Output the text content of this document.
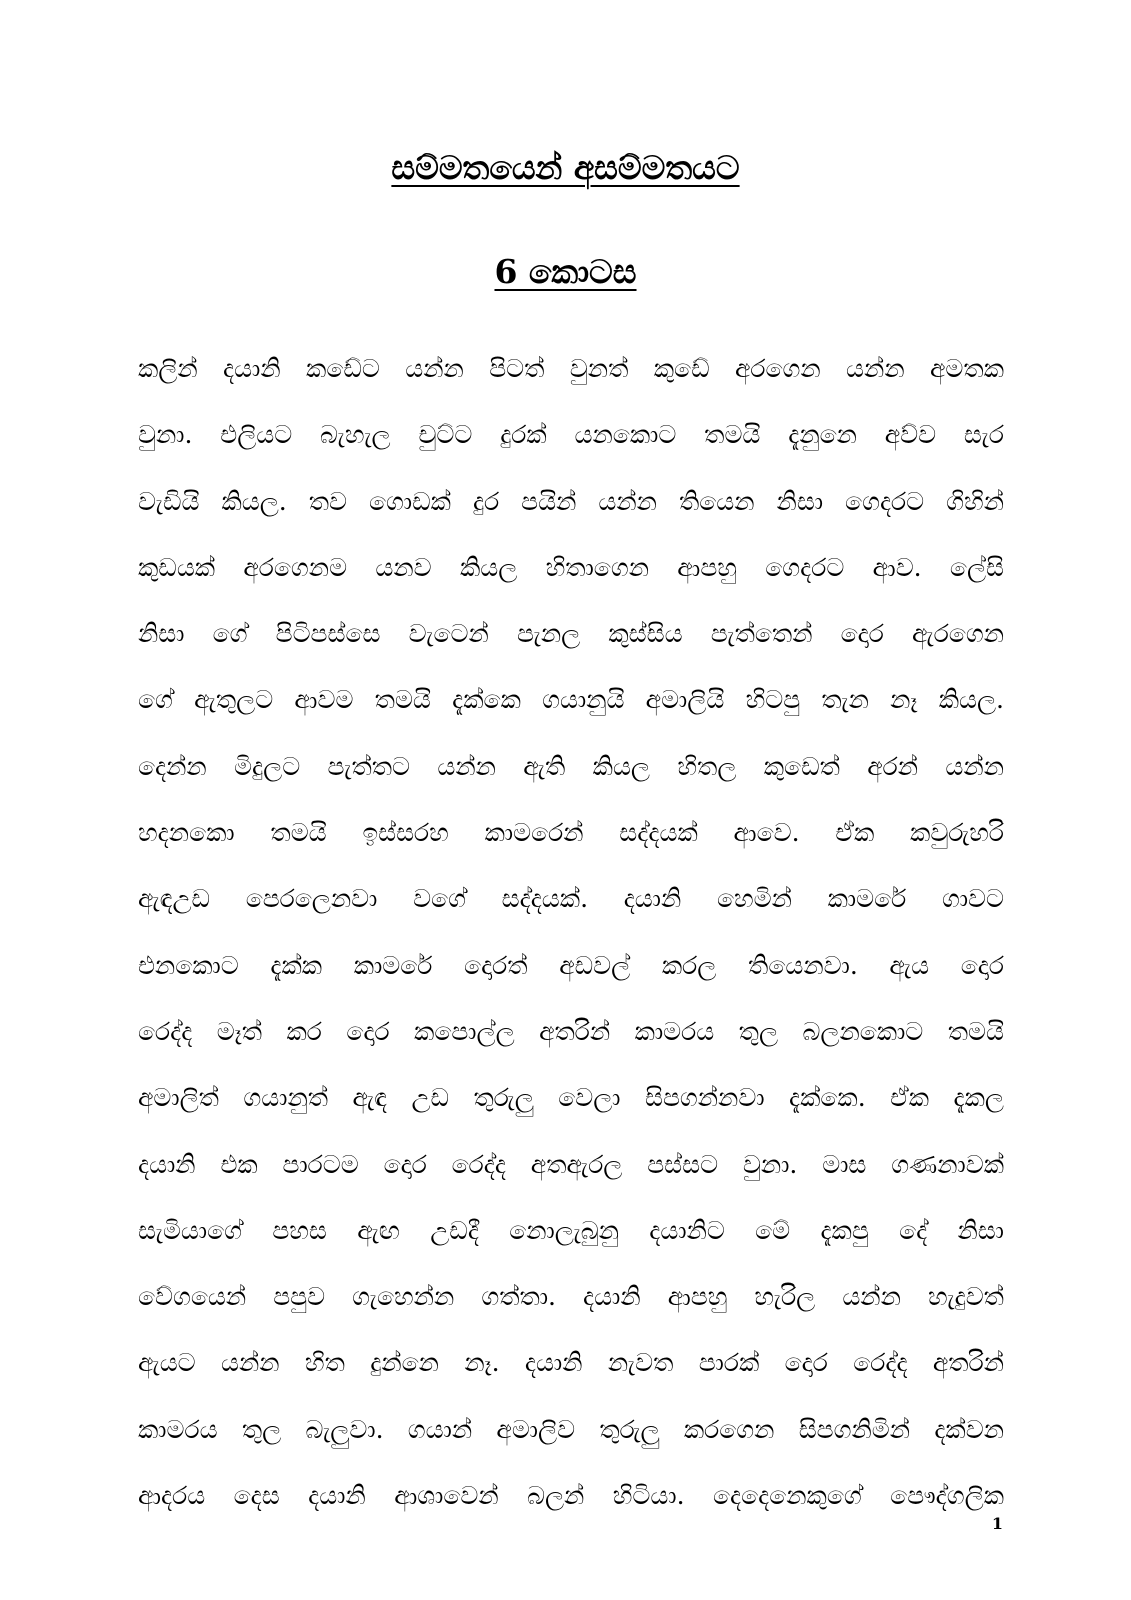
සම්මතයෙන් අසම්මතයට
6 කොටස
කලින් දයානි කඩේට යන්න පිටත් වුනත් කුඩේ අරගෙන යන්න අමතක
වුනා. එලියට බැහැල චුට්ට දුරක් යනකොට තමයි දැනුනෙ අව්ව සැර
වැඩියි කියල. තව ගොඩක් දුර පයින් යන්න තියෙන නිසා ගෙදරට ගිහින්
කුඩයක් අරගෙනම යනව කියල හිතාගෙන ආපහු ගෙදරට ආව. ලේසි
නිසා ගේ පිටිපස්සෙ වැටෙන් පැනල කුස්සිය පැත්තෙන් දොර ඇරගෙන
ගේ ඇතුලට ආවම තමයි දැක්කෙ ගයානුයි අමාලියි හිටපු තැන නෑ කියල.
දෙන්න මිදුලට පැත්තට යන්න ඇති කියල හිතල කුඩෙත් අරන් යන්න
හදනකො තමයි ඉස්සරහ කාමරෙන් සද්දයක් ආවෙ. ඒක කවුරුහරි
ඇඳඋඩ පෙරලෙනවා වගේ සද්දයක්. දයානි හෙමින් කාමරේ ගාවට
එනකොට දැක්ක කාමරේ දොරත් අඩවල් කරල තියෙනවා. ඇය දොර
රෙද්ද මෑත් කර දොර කපොල්ල අතරින් කාමරය තුල බලනකොට තමයි
අමාලිත් ගයානුත් ඇඳ උඩ තුරුලු වෙලා සිපගන්නවා දැක්කෙ. ඒක දැකල
දයානි එක පාරටම දොර රෙද්ද අතඇරල පස්සට වුනා. මාස ගණනාවක්
සැමියාගේ පහස ඇඟ උඩදී නොලැබුනු දයානිට මේ දැකපු දේ නිසා
වේගයෙන් පපුව ගැහෙන්න ගත්තා. දයානි ආපහු හැරිල යන්න හැදුවත්
ඇයට යන්න හිත දුන්නෙ නෑ. දයානි නැවත පාරක් දොර රෙද්ද අතරින්
කාමරය තුල බැලුවා. ගයාන් අමාලිව තුරුලු කරගෙන සිපගනිමින් දක්වන
ආදරය දෙස දයානි ආශාවෙන් බලන් හිටියා. දෙදෙනෙකුගේ පෞද්ගලික
1
